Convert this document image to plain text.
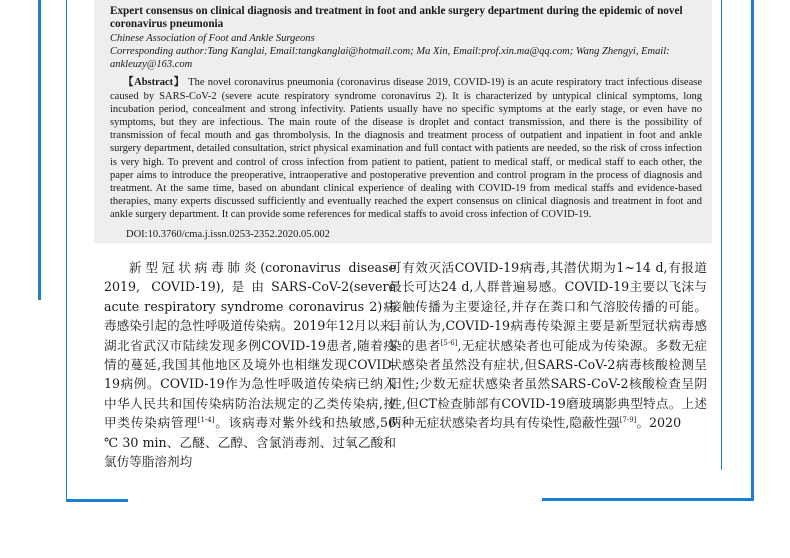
Expert consensus on clinical diagnosis and treatment in foot and ankle surgery department during the epidemic of novel coronavirus pneumonia

Chinese Association of Foot and Ankle Surgeons

Corresponding author:Tang Kanglai, Email:tangkanglai@hotmail.com; Ma Xin, Email:prof.xin.ma@qq.com; Wang Zhengyi, Email: ankleuzy@163.com

【Abstract】 The novel coronavirus pneumonia (coronavirus disease 2019, COVID-19) is an acute respiratory tract infectious disease caused by SARS-CoV-2 (severe acute respiratory syndrome coronavirus 2). It is characterized by untypical clinical symptoms, long incubation period, concealment and strong infectivity. Patients usually have no specific symptoms at the early stage, or even have no symptoms, but they are infectious. The main route of the disease is droplet and contact transmission, and there is the possibility of transmission of fecal mouth and gas thrombolysis. In the diagnosis and treatment process of outpatient and inpatient in foot and ankle surgery department, detailed consultation, strict physical examination and full contact with patients are needed, so the risk of cross infection is very high. To prevent and control of cross infection from patient to patient, patient to medical staff, or medical staff to each other, the paper aims to introduce the preoperative, intraoperative and postoperative prevention and control program in the process of diagnosis and treatment. At the same time, based on abundant clinical experience of dealing with COVID-19 from medical staffs and evidence-based therapies, many experts discussed sufficiently and eventually reached the expert consensus on clinical diagnosis and treatment in foot and ankle surgery department. It can provide some references for medical staffs to avoid cross infection of COVID-19.

DOI:10.3760/cma.j.issn.0253-2352.2020.05.002

新型冠状病毒肺炎(coronavirus disease 2019, COVID-19),是由SARS-CoV-2(severe acute respiratory syndrome coronavirus 2)病毒感染引起的急性呼吸道传染病。2019年12月以来,湖北省武汉市陆续发现多例COVID-19患者,随着疫情的蔓延,我国其他地区及境外也相继发现COVID-19病例。COVID-19作为急性呼吸道传染病已纳入中华人民共和国传染病防治法规定的乙类传染病,按甲类传染病管理[1-4]。该病毒对紫外线和热敏感,56 ℃ 30 min、乙醚、乙醇、含氯消毒剂、过氧乙酸和氯仿等脂溶剂均

可有效灭活COVID-19病毒,其潜伏期为1~14 d,有报道最长可达24 d,人群普遍易感。COVID-19主要以飞沫与接触传播为主要途径,并存在粪口和气溶胶传播的可能。目前认为,COVID-19病毒传染源主要是新型冠状病毒感染的患者[5-6],无症状感染者也可能成为传染源。多数无症状感染者虽然没有症状,但SARS-CoV-2病毒核酸检测呈阳性;少数无症状感染者虽然SARS-CoV-2核酸检查呈阴性,但CT检查肺部有COVID-19磨玻璃影典型特点。上述两种无症状感染者均具有传染性,隐蔽性强[7-9]。2020
